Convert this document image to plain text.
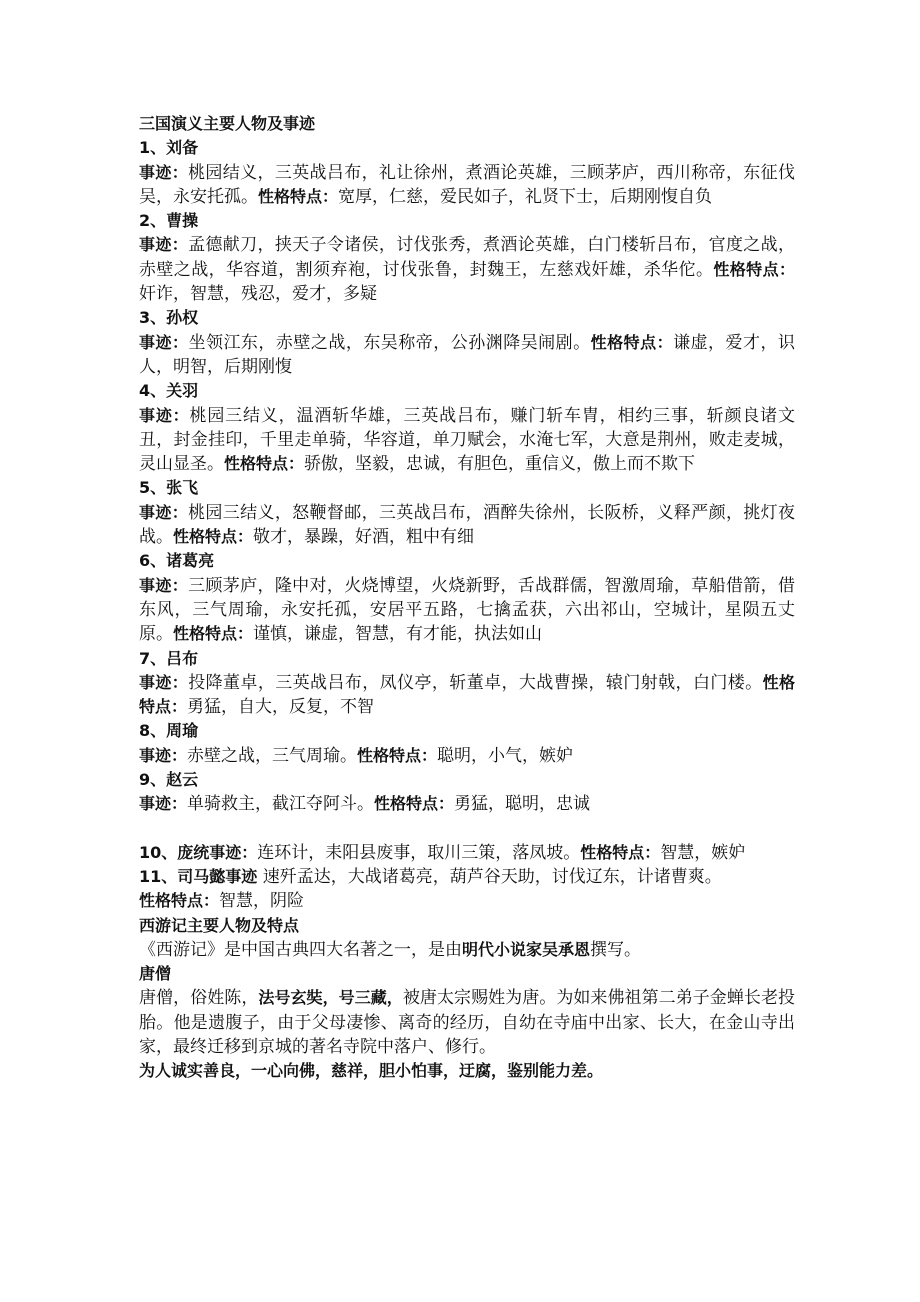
三国演义主要人物及事迹
1、刘备
事迹：桃园结义，三英战吕布，礼让徐州，煮酒论英雄，三顾茅庐，西川称帝，东征伐吴，永安托孤。性格特点：宽厚，仁慈，爱民如子，礼贤下士，后期刚愎自负
2、曹操
事迹：孟德献刀，挟天子令诸侯，讨伐张秀，煮酒论英雄，白门楼斩吕布，官度之战，赤壁之战，华容道，割须弃袍，讨伐张鲁，封魏王，左慈戏奸雄，杀华佗。性格特点：奸诈，智慧，残忍，爱才，多疑
3、孙权
事迹：坐领江东，赤壁之战，东吴称帝，公孙渊降吴闹剧。性格特点：谦虚，爱才，识人，明智，后期刚愎
4、关羽
事迹：桃园三结义，温酒斩华雄，三英战吕布，赚门斩车胄，相约三事，斩颜良诸文丑，封金挂印，千里走单骑，华容道，单刀赋会，水淹七军，大意是荆州，败走麦城，灵山显圣。性格特点：骄傲，坚毅，忠诚，有胆色，重信义，傲上而不欺下
5、张飞
事迹：桃园三结义，怒鞭督邮，三英战吕布，酒醉失徐州，长阪桥，义释严颜，挑灯夜战。性格特点：敬才，暴躁，好酒，粗中有细
6、诸葛亮
事迹：三顾茅庐，隆中对，火烧博望，火烧新野，舌战群儒，智激周瑜，草船借箭，借东风，三气周瑜，永安托孤，安居平五路，七擒孟获，六出祁山，空城计，星陨五丈原。性格特点：谨慎，谦虚，智慧，有才能，执法如山
7、吕布
事迹：投降董卓，三英战吕布，凤仪亭，斩董卓，大战曹操，辕门射戟，白门楼。性格特点：勇猛，自大，反复，不智
8、周瑜
事迹：赤壁之战，三气周瑜。性格特点：聪明，小气，嫉妒
9、赵云
事迹：单骑救主，截江夺阿斗。性格特点：勇猛，聪明，忠诚
10、庞统事迹：连环计，耒阳县废事，取川三策，落凤坡。性格特点：智慧，嫉妒
11、司马懿事迹 速歼孟达，大战诸葛亮，葫芦谷天助，讨伐辽东，计诸曹爽。
性格特点：智慧，阴险
西游记主要人物及特点
《西游记》是中国古典四大名著之一，是由明代小说家吴承恩撰写。
唐僧
唐僧，俗姓陈，法号玄奘，号三藏，被唐太宗赐姓为唐。为如来佛祖第二弟子金蝉长老投胎。他是遗腹子，由于父母凄惨、离奇的经历，自幼在寺庙中出家、长大，在金山寺出家，最终迁移到京城的著名寺院中落户、修行。
为人诚实善良，一心向佛，慈祥，胆小怕事，迂腐，鉴别能力差。
